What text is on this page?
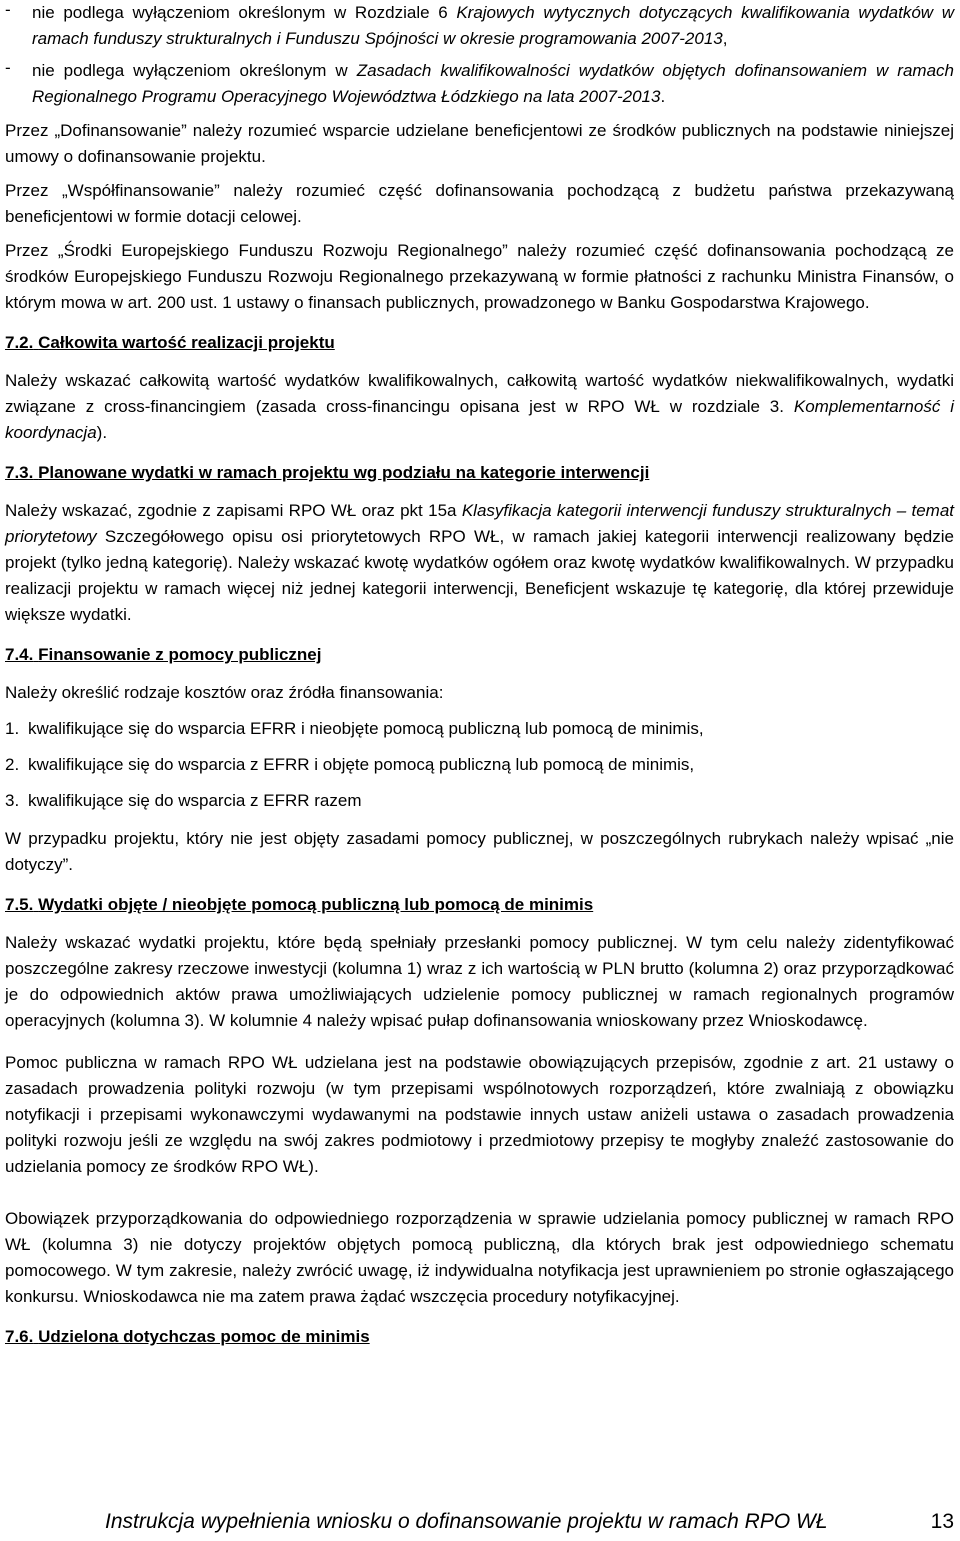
-	nie podlega wyłączeniom określonym w Rozdziale 6 Krajowych wytycznych dotyczących kwalifikowania wydatków w ramach funduszy strukturalnych i Funduszu Spójności w okresie programowania 2007-2013,
-	nie podlega wyłączeniom określonym w Zasadach kwalifikowalności wydatków objętych dofinansowaniem w ramach Regionalnego Programu Operacyjnego Województwa Łódzkiego na lata 2007-2013.

Przez „Dofinansowanie” należy rozumieć wsparcie udzielane beneficjentowi ze środków publicznych na podstawie niniejszej umowy o dofinansowanie projektu.

Przez „Współfinansowanie” należy rozumieć część dofinansowania pochodzącą z budżetu państwa przekazywaną beneficjentowi w formie dotacji celowej.

Przez „Środki Europejskiego Funduszu Rozwoju Regionalnego” należy rozumieć część dofinansowania pochodzącą ze środków Europejskiego Funduszu Rozwoju Regionalnego przekazywaną w formie płatności z rachunku Ministra Finansów, o którym mowa w art. 200 ust. 1 ustawy o finansach publicznych, prowadzonego w Banku Gospodarstwa Krajowego.

7.2. Całkowita wartość realizacji projektu

Należy wskazać całkowitą wartość wydatków kwalifikowalnych, całkowitą wartość wydatków niekwalifikowalnych, wydatki związane z cross-financingiem (zasada cross-financingu opisana jest w RPO WŁ w rozdziale 3. Komplementarność i koordynacja).

7.3. Planowane wydatki w ramach projektu wg podziału na kategorie interwencji

Należy wskazać, zgodnie z zapisami RPO WŁ oraz pkt 15a Klasyfikacja kategorii interwencji funduszy strukturalnych – temat priorytetowy Szczegółowego opisu osi priorytetowych RPO WŁ, w ramach jakiej kategorii interwencji realizowany będzie projekt (tylko jedną kategorię). Należy wskazać kwotę wydatków ogółem oraz kwotę wydatków kwalifikowalnych. W przypadku realizacji projektu w ramach więcej niż jednej kategorii interwencji, Beneficjent wskazuje tę kategorię, dla której przewiduje większe wydatki.

7.4. Finansowanie z pomocy publicznej

Należy określić rodzaje kosztów oraz źródła finansowania:

1. kwalifikujące się do wsparcia EFRR i nieobjęte pomocą publiczną lub pomocą de minimis,
2. kwalifikujące się do wsparcia z EFRR i objęte pomocą publiczną lub pomocą de minimis,
3. kwalifikujące się do wsparcia z EFRR razem

W przypadku projektu, który nie jest objęty zasadami pomocy publicznej, w poszczególnych rubrykach należy wpisać „nie dotyczy”.

7.5. Wydatki objęte / nieobjęte pomocą publiczną lub pomocą de minimis

Należy wskazać wydatki projektu, które będą spełniały przesłanki pomocy publicznej. W tym celu należy zidentyfikować poszczególne zakresy rzeczowe inwestycji (kolumna 1) wraz z ich wartością w PLN brutto (kolumna 2) oraz przyporządkować je do odpowiednich aktów prawa umożliwiających udzielenie pomocy publicznej w ramach regionalnych programów operacyjnych (kolumna 3). W kolumnie 4 należy wpisać pułap dofinansowania wnioskowany przez Wnioskodawcę.

Pomoc publiczna w ramach RPO WŁ udzielana jest na podstawie obowiązujących przepisów, zgodnie z art. 21 ustawy o zasadach prowadzenia polityki rozwoju (w tym przepisami wspólnotowych rozporządzeń, które zwalniają z obowiązku notyfikacji i przepisami wykonawczymi wydawanymi na podstawie innych ustaw aniżeli ustawa o zasadach prowadzenia polityki rozwoju jeśli ze względu na swój zakres podmiotowy i przedmiotowy przepisy te mogłyby znaleźć zastosowanie do udzielania pomocy ze środków RPO WŁ).

Obowiązek przyporządkowania do odpowiedniego rozporządzenia w sprawie udzielania pomocy publicznej w ramach RPO WŁ (kolumna 3) nie dotyczy projektów objętych pomocą publiczną, dla których brak jest odpowiedniego schematu pomocowego. W tym zakresie, należy zwrócić uwagę, iż indywidualna notyfikacja jest uprawnieniem po stronie ogłaszającego konkursu. Wnioskodawca nie ma zatem prawa żądać wszczęcia procedury notyfikacyjnej.

7.6. Udzielona dotychczas pomoc de minimis
Instrukcja wypełnienia wniosku o dofinansowanie projektu w ramach RPO WŁ	13
